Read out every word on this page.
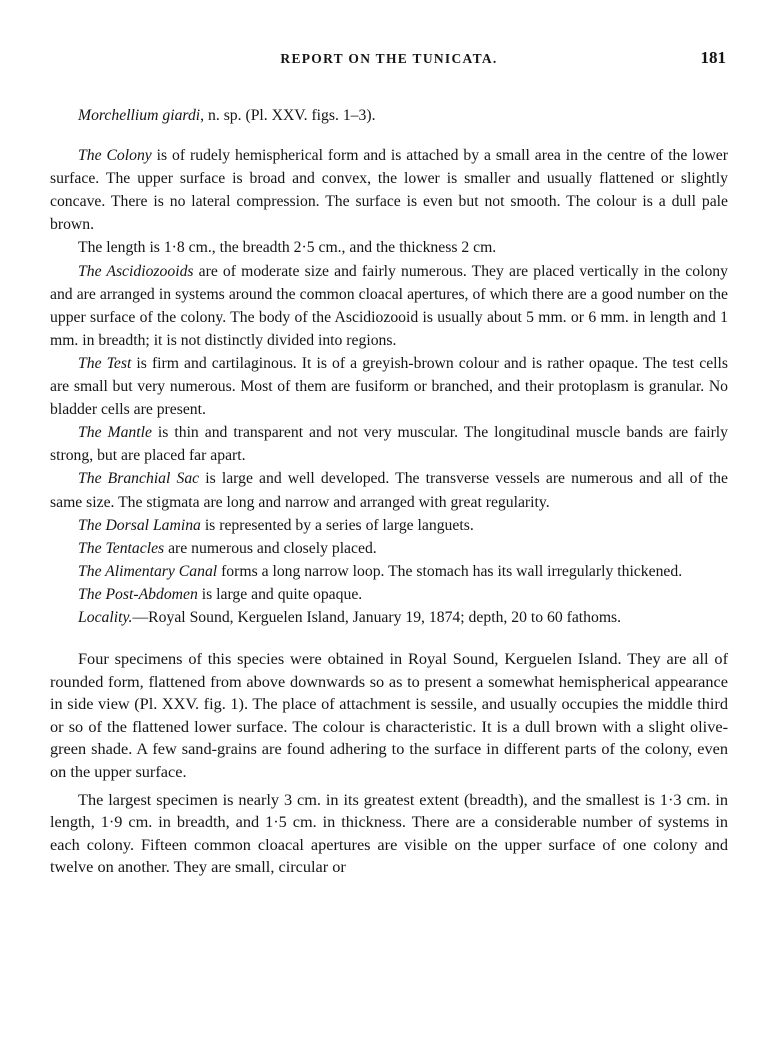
REPORT ON THE TUNICATA.	181

Morchellium giardi, n. sp. (Pl. XXV. figs. 1–3).

The Colony is of rudely hemispherical form and is attached by a small area in the centre of the lower surface. The upper surface is broad and convex, the lower is smaller and usually flattened or slightly concave. There is no lateral compression. The surface is even but not smooth. The colour is a dull pale brown.

The length is 1·8 cm., the breadth 2·5 cm., and the thickness 2 cm.

The Ascidiozooids are of moderate size and fairly numerous. They are placed vertically in the colony and are arranged in systems around the common cloacal apertures, of which there are a good number on the upper surface of the colony. The body of the Ascidiozooid is usually about 5 mm. or 6 mm. in length and 1 mm. in breadth; it is not distinctly divided into regions.

The Test is firm and cartilaginous. It is of a greyish-brown colour and is rather opaque. The test cells are small but very numerous. Most of them are fusiform or branched, and their protoplasm is granular. No bladder cells are present.

The Mantle is thin and transparent and not very muscular. The longitudinal muscle bands are fairly strong, but are placed far apart.

The Branchial Sac is large and well developed. The transverse vessels are numerous and all of the same size. The stigmata are long and narrow and arranged with great regularity.

The Dorsal Lamina is represented by a series of large languets.

The Tentacles are numerous and closely placed.

The Alimentary Canal forms a long narrow loop. The stomach has its wall irregularly thickened.

The Post-Abdomen is large and quite opaque.

Locality.—Royal Sound, Kerguelen Island, January 19, 1874; depth, 20 to 60 fathoms.

Four specimens of this species were obtained in Royal Sound, Kerguelen Island. They are all of rounded form, flattened from above downwards so as to present a somewhat hemispherical appearance in side view (Pl. XXV. fig. 1). The place of attachment is sessile, and usually occupies the middle third or so of the flattened lower surface. The colour is characteristic. It is a dull brown with a slight olive-green shade. A few sand-grains are found adhering to the surface in different parts of the colony, even on the upper surface.

The largest specimen is nearly 3 cm. in its greatest extent (breadth), and the smallest is 1·3 cm. in length, 1·9 cm. in breadth, and 1·5 cm. in thickness. There are a considerable number of systems in each colony. Fifteen common cloacal apertures are visible on the upper surface of one colony and twelve on another. They are small, circular or
